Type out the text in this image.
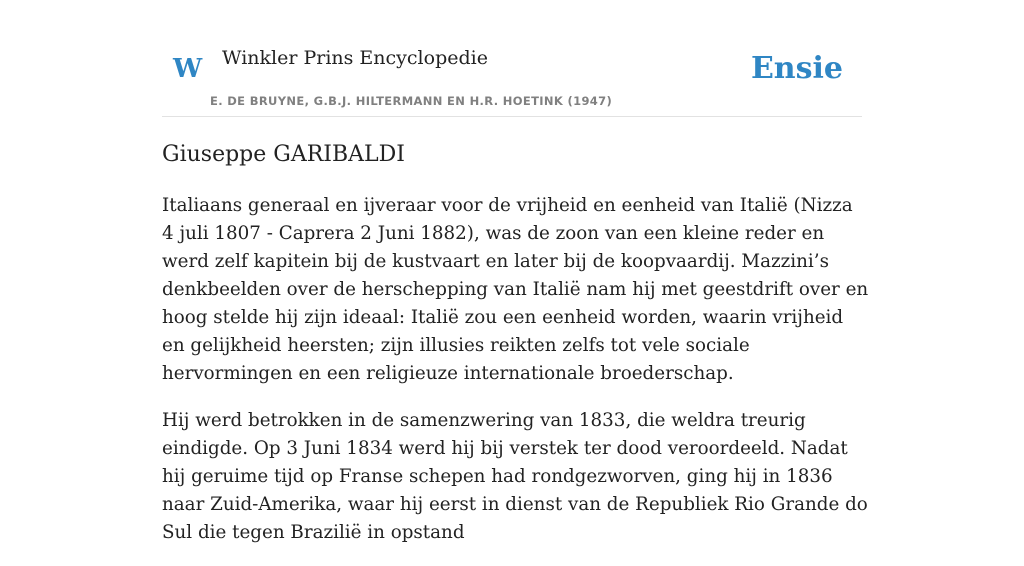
W Winkler Prins Encyclopedie
E. DE BRUYNE, G.B.J. HILTERMANN EN H.R. HOETINK (1947)
Ensie
Giuseppe GARIBALDI

Italiaans generaal en ijveraar voor de vrijheid en eenheid van Italië (Nizza 4 juli 1807 - Caprera 2 Juni 1882), was de zoon van een kleine reder en werd zelf kapitein bij de kustvaart en later bij de koopvaardij. Mazzini’s denkbeelden over de herschepping van Italië nam hij met geestdrift over en hoog stelde hij zijn ideaal: Italië zou een eenheid worden, waarin vrijheid en gelijkheid heersten; zijn illusies reikten zelfs tot vele sociale hervormingen en een religieuze internationale broederschap.

Hij werd betrokken in de samenzwering van 1833, die weldra treurig eindigde. Op 3 Juni 1834 werd hij bij verstek ter dood veroordeeld. Nadat hij geruime tijd op Franse schepen had rondgezworven, ging hij in 1836 naar Zuid-Amerika, waar hij eerst in dienst van de Republiek Rio Grande do Sul die tegen Brazilië in opstand
